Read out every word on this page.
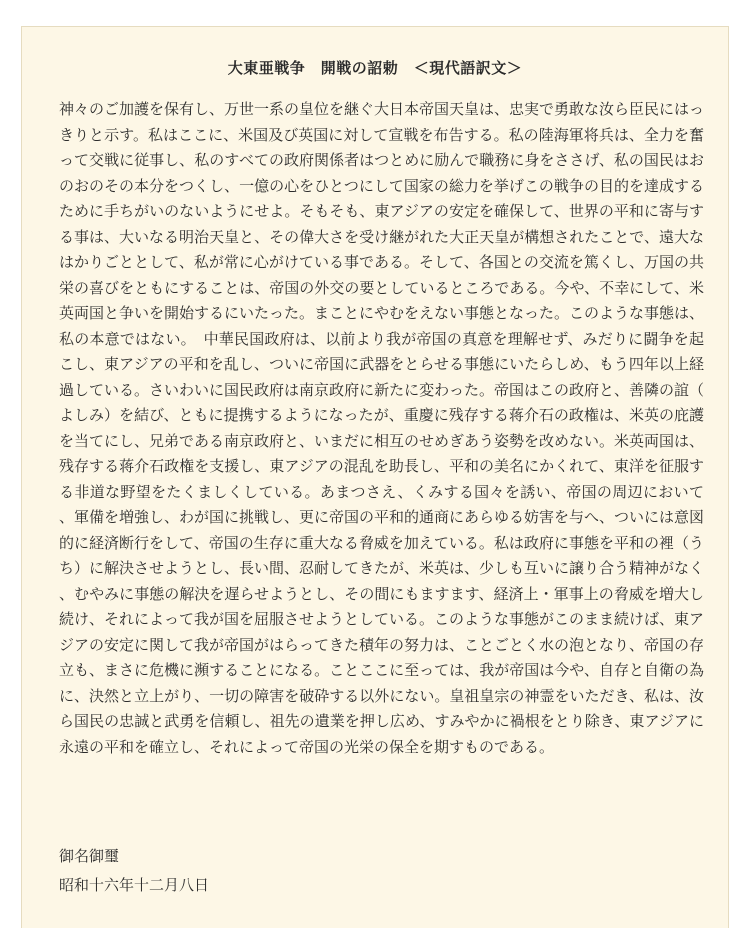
大東亜戦争　開戦の詔勅　＜現代語訳文＞

神々のご加護を保有し、万世一系の皇位を継ぐ大日本帝国天皇は、忠実で勇敢な汝ら臣民にはっきりと示す。私はここに、米国及び英国に対して宣戦を布告する。私の陸海軍将兵は、全力を奮って交戦に従事し、私のすべての政府関係者はつとめに励んで職務に身をささげ、私の国民はおのおのその本分をつくし、一億の心をひとつにして国家の総力を挙げこの戦争の目的を達成するために手ちがいのないようにせよ。そもそも、東アジアの安定を確保して、世界の平和に寄与する事は、大いなる明治天皇と、その偉大さを受け継がれた大正天皇が構想されたことで、遠大なはかりごととして、私が常に心がけている事である。そして、各国との交流を篤くし、万国の共栄の喜びをともにすることは、帝国の外交の要としているところである。今や、不幸にして、米英両国と争いを開始するにいたった。まことにやむをえない事態となった。このような事態は、私の本意ではない。　中華民国政府は、以前より我が帝国の真意を理解せず、みだりに闘争を起こし、東アジアの平和を乱し、ついに帝国に武器をとらせる事態にいたらしめ、もう四年以上経過している。さいわいに国民政府は南京政府に新たに変わった。帝国はこの政府と、善隣の誼（よしみ）を結び、ともに提携するようになったが、重慶に残存する蒋介石の政権は、米英の庇護を当てにし、兄弟である南京政府と、いまだに相互のせめぎあう姿勢を改めない。米英両国は、残存する蒋介石政権を支援し、東アジアの混乱を助長し、平和の美名にかくれて、東洋を征服する非道な野望をたくましくしている。あまつさえ、くみする国々を誘い、帝国の周辺において、軍備を増強し、わが国に挑戦し、更に帝国の平和的通商にあらゆる妨害を与へ、ついには意図的に経済断行をして、帝国の生存に重大なる脅威を加えている。私は政府に事態を平和の裡（うち）に解決させようとし、長い間、忍耐してきたが、米英は、少しも互いに譲り合う精神がなく、むやみに事態の解決を遅らせようとし、その間にもますます、経済上・軍事上の脅威を増大し続け、それによって我が国を屈服させようとしている。このような事態がこのまま続けば、東アジアの安定に関して我が帝国がはらってきた積年の努力は、ことごとく水の泡となり、帝国の存立も、まさに危機に瀕することになる。ことここに至っては、我が帝国は今や、自存と自衛の為に、決然と立上がり、一切の障害を破砕する以外にない。皇祖皇宗の神霊をいただき、私は、汝ら国民の忠誠と武勇を信頼し、祖先の遺業を押し広め、すみやかに禍根をとり除き、東アジアに永遠の平和を確立し、それによって帝国の光栄の保全を期すものである。

御名御璽
昭和十六年十二月八日
